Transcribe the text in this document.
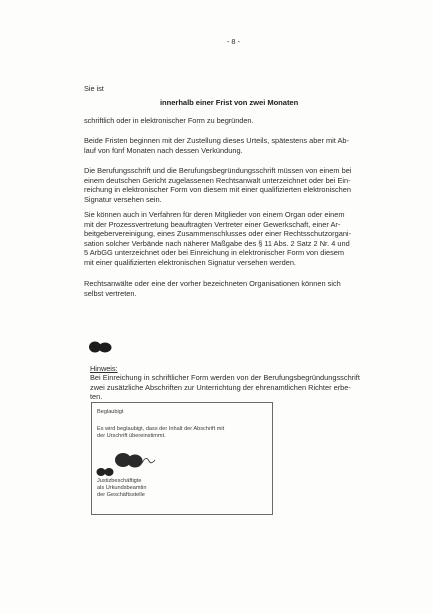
- 8 -
Sie ist
innerhalb einer Frist von zwei Monaten
schriftlich oder in elektronischer Form zu begründen.
Beide Fristen beginnen mit der Zustellung dieses Urteils, spätestens aber mit Ab-
lauf von fünf Monaten nach dessen Verkündung.
Die Berufungsschrift und die Berufungsbegründungsschrift müssen von einem bei
einem deutschen Gericht zugelassenen Rechtsanwalt unterzeichnet oder bei Ein-
reichung in elektronischer Form von diesem mit einer qualifizierten elektronischen
Signatur versehen sein.
Sie können auch in Verfahren für deren Mitglieder von einem Organ oder einem
mit der Prozessvertretung beauftragten Vertreter einer Gewerkschaft, einer Ar-
beitgebervereinigung, eines Zusammenschlusses oder einer Rechtsschutzorgani-
sation solcher Verbände nach näherer Maßgabe des § 11 Abs. 2 Satz 2 Nr. 4 und
5 ArbGG unterzeichnet oder bei Einreichung in elektronischer Form von diesem
mit einer qualifizierten elektronischen Signatur versehen werden.
Rechtsanwälte oder eine der vorher bezeichneten Organisationen können sich
selbst vertreten.
Hinweis:
Bei Einreichung in schriftlicher Form werden von der Berufungsbegründungsschrift
zwei zusätzliche Abschriften zur Unterrichtung der ehrenamtlichen Richter erbe-
ten.
Beglaubigt
Es wird beglaubigt, dass der Inhalt der Abschrift mit
der Urschrift übereinstimmt.
Justizbeschäftigte
als Urkundsbeamtin
der Geschäftsstelle
